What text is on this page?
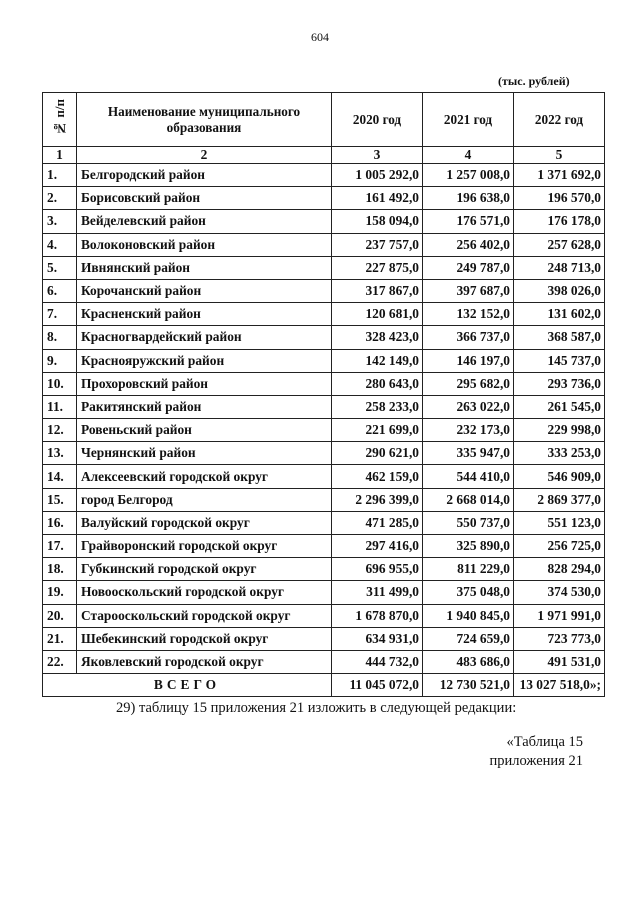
604
(тыс. рублей)
№ п/п	Наименование муниципального образования	2020 год	2021 год	2022 год
1	2	3	4	5
1.	Белгородский район	1 005 292,0	1 257 008,0	1 371 692,0
2.	Борисовский район	161 492,0	196 638,0	196 570,0
3.	Вейделевский район	158 094,0	176 571,0	176 178,0
4.	Волоконовский район	237 757,0	256 402,0	257 628,0
5.	Ивнянский район	227 875,0	249 787,0	248 713,0
6.	Корочанский район	317 867,0	397 687,0	398 026,0
7.	Красненский район	120 681,0	132 152,0	131 602,0
8.	Красногвардейский район	328 423,0	366 737,0	368 587,0
9.	Краснояружский район	142 149,0	146 197,0	145 737,0
10.	Прохоровский район	280 643,0	295 682,0	293 736,0
11.	Ракитянский район	258 233,0	263 022,0	261 545,0
12.	Ровеньский район	221 699,0	232 173,0	229 998,0
13.	Чернянский район	290 621,0	335 947,0	333 253,0
14.	Алексеевский городской округ	462 159,0	544 410,0	546 909,0
15.	город Белгород	2 296 399,0	2 668 014,0	2 869 377,0
16.	Валуйский городской округ	471 285,0	550 737,0	551 123,0
17.	Грайворонский городской округ	297 416,0	325 890,0	256 725,0
18.	Губкинский городской округ	696 955,0	811 229,0	828 294,0
19.	Новооскольский городской округ	311 499,0	375 048,0	374 530,0
20.	Старооскольский городской округ	1 678 870,0	1 940 845,0	1 971 991,0
21.	Шебекинский городской округ	634 931,0	724 659,0	723 773,0
22.	Яковлевский городской округ	444 732,0	483 686,0	491 531,0
ВСЕГО		11 045 072,0	12 730 521,0	13 027 518,0»;
29) таблицу 15 приложения 21 изложить в следующей редакции:
«Таблица 15
приложения 21
